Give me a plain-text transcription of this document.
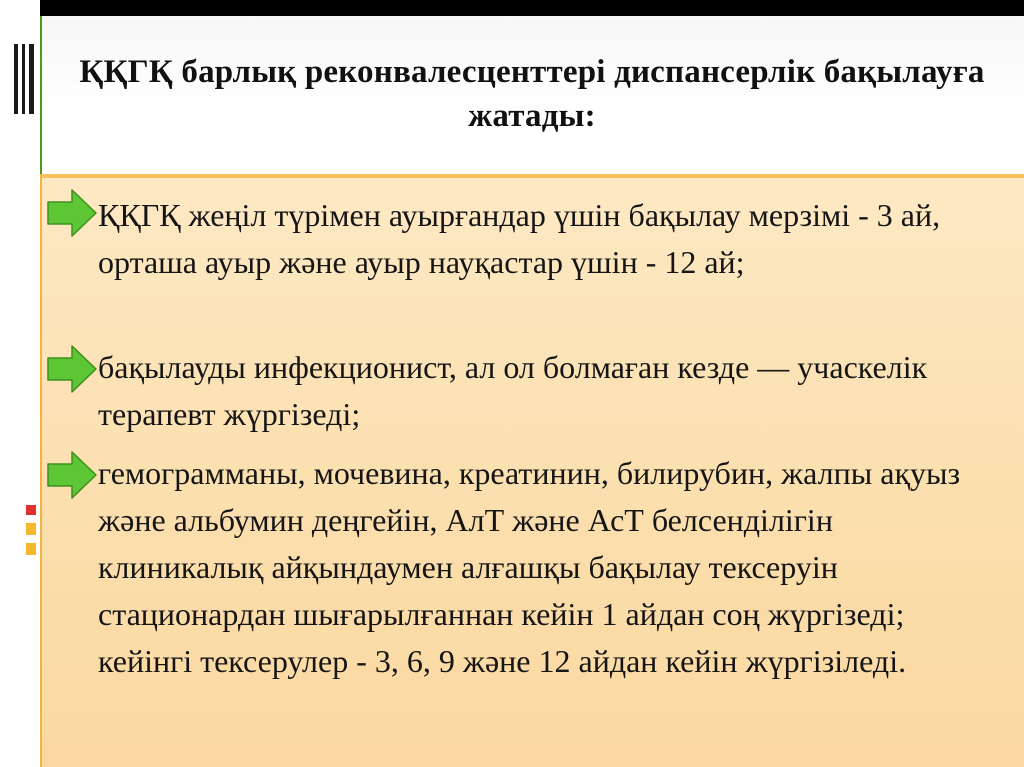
ҚҚГҚ барлық реконвалесценттері диспансерлік бақылауға жатады:

ҚҚГҚ жеңіл түрімен ауырғандар үшін бақылау мерзімі - 3 ай, орташа ауыр және ауыр науқастар үшін - 12 ай;

бақылауды инфекционист, ал ол болмаған кезде — учаскелік терапевт жүргізеді;

гемограмманы, мочевина, креатинин, билирубин, жалпы ақуыз және альбумин деңгейін, АлТ және АсТ белсенділігін клиникалық айқындаумен алғашқы бақылау тексеруін стационардан шығарылғаннан кейін 1 айдан соң жүргізеді; кейінгі тексерулер - 3, 6, 9 және 12 айдан кейін жүргізіледі.
